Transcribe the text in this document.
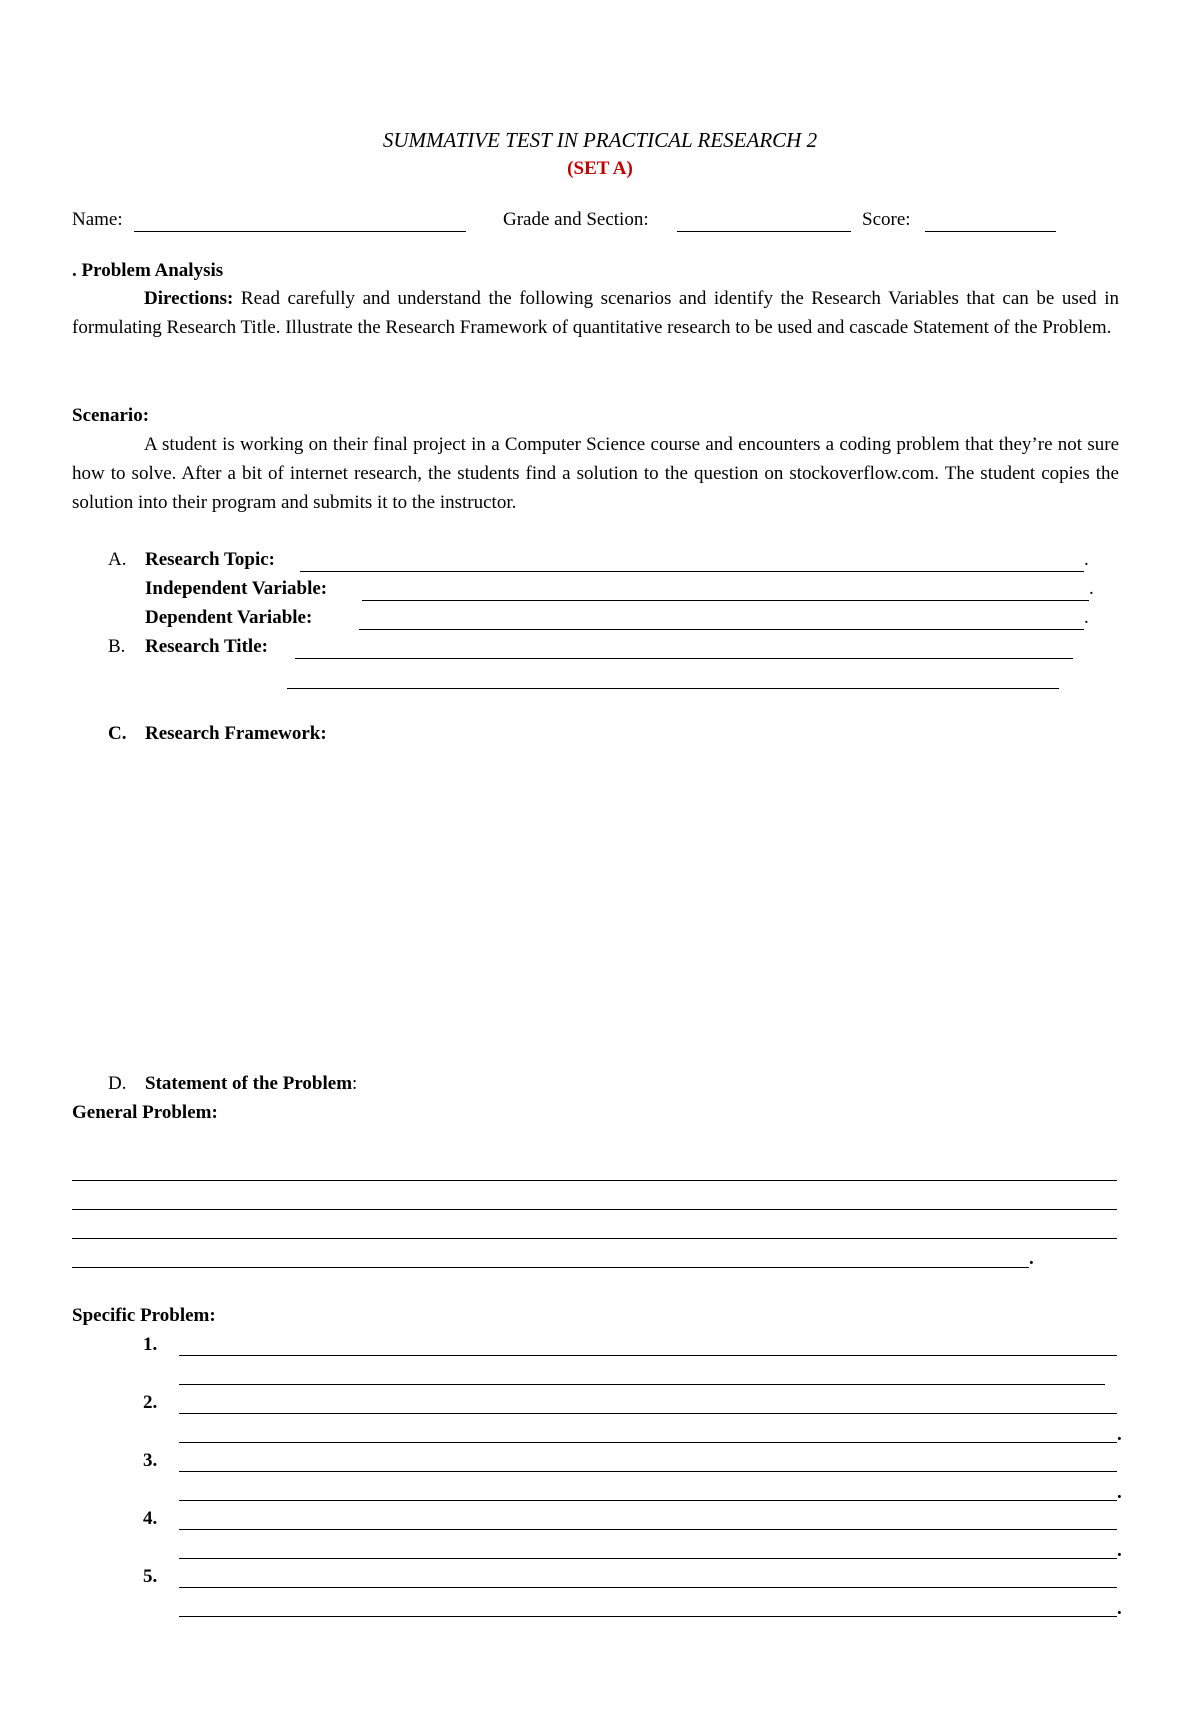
SUMMATIVE TEST IN PRACTICAL RESEARCH 2
(SET A)
Name:	Grade and Section:	Score:
. Problem Analysis
Directions: Read carefully and understand the following scenarios and identify the Research Variables that can be used in formulating Research Title. Illustrate the Research Framework of quantitative research to be used and cascade Statement of the Problem.
Scenario:
A student is working on their final project in a Computer Science course and encounters a coding problem that they’re not sure how to solve. After a bit of internet research, the students find a solution to the question on stockoverflow.com. The student copies the solution into their program and submits it to the instructor.
A. Research Topic:	.
Independent Variable:	.
Dependent Variable:	.
B. Research Title:
C. Research Framework:
D. Statement of the Problem:
General Problem:
.
Specific Problem:
1.
2.
.
3.
.
4.
.
5.
.
